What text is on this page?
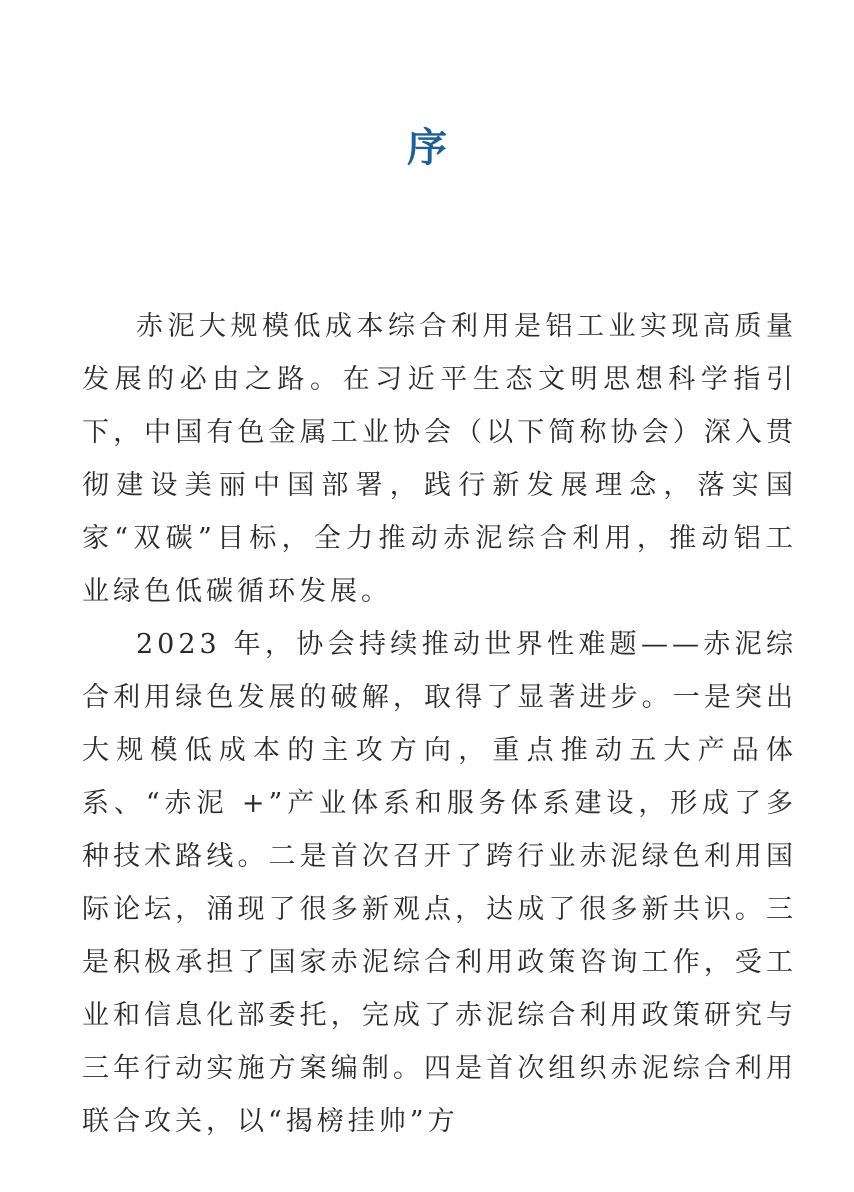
序

赤泥大规模低成本综合利用是铝工业实现高质量发展的必由之路。在习近平生态文明思想科学指引下，中国有色金属工业协会（以下简称协会）深入贯彻建设美丽中国部署，践行新发展理念，落实国家“双碳”目标，全力推动赤泥综合利用，推动铝工业绿色低碳循环发展。

2023 年，协会持续推动世界性难题——赤泥综合利用绿色发展的破解，取得了显著进步。一是突出大规模低成本的主攻方向，重点推动五大产品体系、“赤泥 +”产业体系和服务体系建设，形成了多种技术路线。二是首次召开了跨行业赤泥绿色利用国际论坛，涌现了很多新观点，达成了很多新共识。三是积极承担了国家赤泥综合利用政策咨询工作，受工业和信息化部委托，完成了赤泥综合利用政策研究与三年行动实施方案编制。四是首次组织赤泥综合利用联合攻关，以“揭榜挂帅”方
